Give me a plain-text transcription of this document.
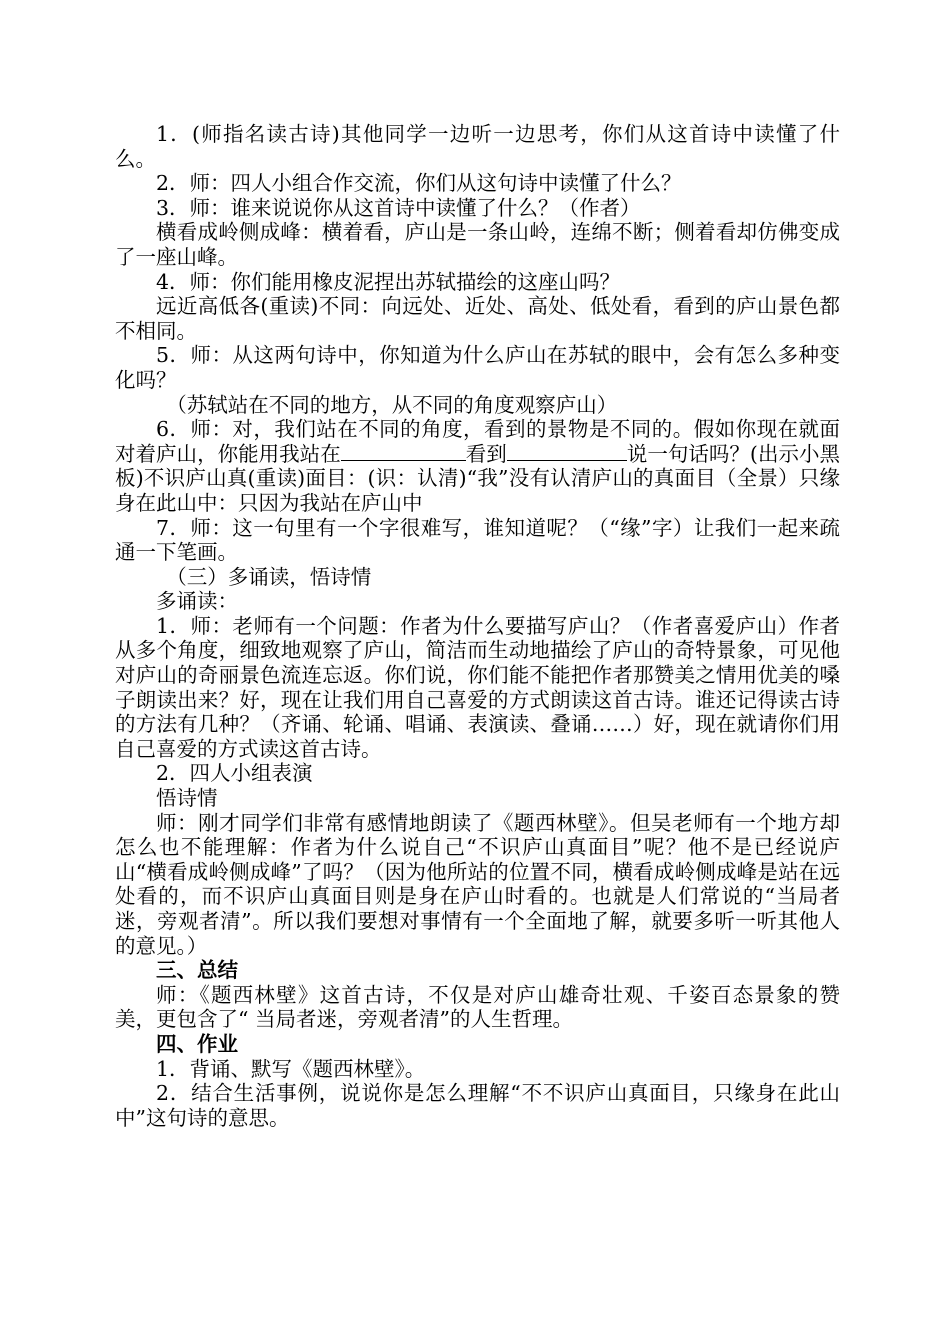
1．(师指名读古诗)其他同学一边听一边思考，你们从这首诗中读懂了什么。

2．师：四人小组合作交流，你们从这句诗中读懂了什么？

3．师：谁来说说你从这首诗中读懂了什么？（作者）

横看成岭侧成峰：横着看，庐山是一条山岭，连绵不断；侧着看却仿佛变成了一座山峰。

4．师：你们能用橡皮泥捏出苏轼描绘的这座山吗？

远近高低各(重读)不同：向远处、近处、高处、低处看，看到的庐山景色都不相同。

5．师：从这两句诗中，你知道为什么庐山在苏轼的眼中，会有怎么多种变化吗？

（苏轼站在不同的地方，从不同的角度观察庐山）

6．师：对，我们站在不同的角度，看到的景物是不同的。假如你现在就面对着庐山，你能用我站在	看到	说一句话吗？(出示小黑板)不识庐山真(重读)面目：(识：认清)“我”没有认清庐山的真面目（全景）只缘身在此山中：只因为我站在庐山中

7．师：这一句里有一个字很难写，谁知道呢？（“缘”字）让我们一起来疏通一下笔画。

（三）多诵读，悟诗情

多诵读：

1．师：老师有一个问题：作者为什么要描写庐山？（作者喜爱庐山）作者从多个角度，细致地观察了庐山，简洁而生动地描绘了庐山的奇特景象，可见他对庐山的奇丽景色流连忘返。你们说，你们能不能把作者那赞美之情用优美的嗓子朗读出来？好，现在让我们用自己喜爱的方式朗读这首古诗。谁还记得读古诗的方法有几种？（齐诵、轮诵、唱诵、表演读、叠诵……）好，现在就请你们用自己喜爱的方式读这首古诗。

2．四人小组表演

悟诗情

师：刚才同学们非常有感情地朗读了《题西林壁》。但吴老师有一个地方却怎么也不能理解：作者为什么说自己“不识庐山真面目”呢？他不是已经说庐山“横看成岭侧成峰”了吗？（因为他所站的位置不同，横看成岭侧成峰是站在远处看的，而不识庐山真面目则是身在庐山时看的。也就是人们常说的“当局者迷，旁观者清”。所以我们要想对事情有一个全面地了解，就要多听一听其他人的意见。）

三、总结

师：《题西林壁》这首古诗，不仅是对庐山雄奇壮观、千姿百态景象的赞美，更包含了“ 当局者迷，旁观者清”的人生哲理。

四、作业

1．背诵、默写《题西林壁》。

2．结合生活事例，说说你是怎么理解“不不识庐山真面目，只缘身在此山中”这句诗的意思。
